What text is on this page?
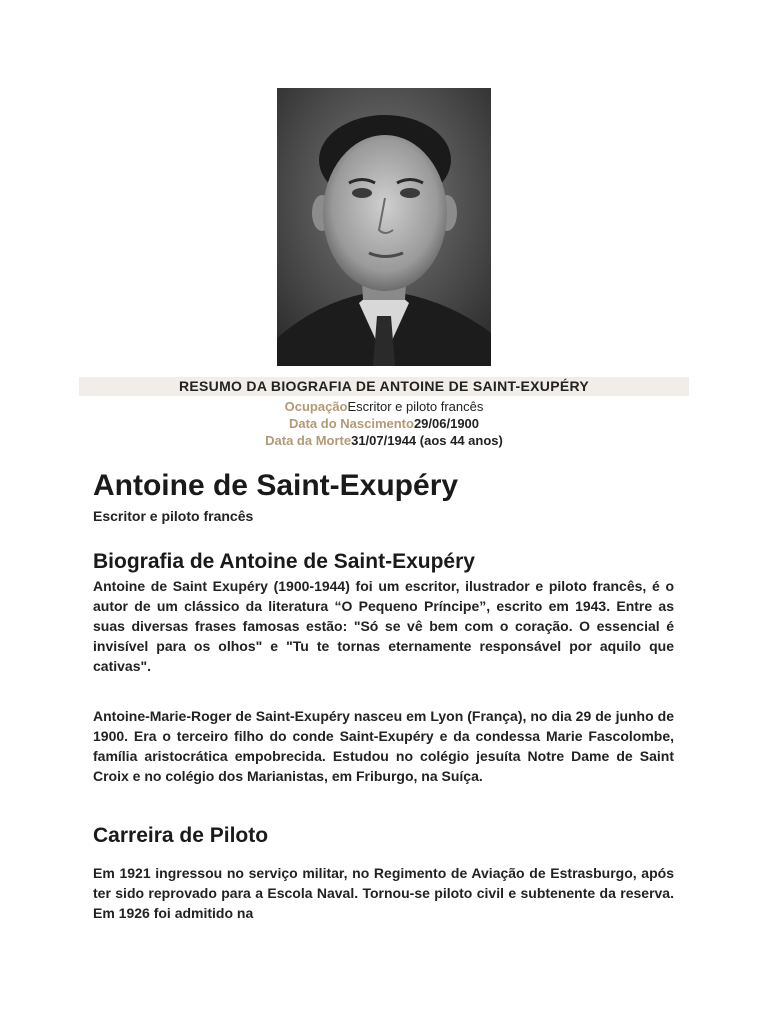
RESUMO DA BIOGRAFIA DE ANTOINE DE SAINT-EXUPÉRY
OcupaçãoEscritor e piloto francês
Data do Nascimento29/06/1900
Data da Morte31/07/1944 (aos 44 anos)
Antoine de Saint-Exupéry
Escritor e piloto francês
Biografia de Antoine de Saint-Exupéry

Antoine de Saint Exupéry (1900-1944) foi um escritor, ilustrador e piloto francês, é o autor de um clássico da literatura “O Pequeno Príncipe”, escrito em 1943. Entre as suas diversas frases famosas estão: "Só se vê bem com o coração. O essencial é invisível para os olhos" e "Tu te tornas eternamente responsável por aquilo que cativas".

Antoine-Marie-Roger de Saint-Exupéry nasceu em Lyon (França), no dia 29 de junho de 1900. Era o terceiro filho do conde Saint-Exupéry e da condessa Marie Fascolombe, família aristocrática empobrecida. Estudou no colégio jesuíta Notre Dame de Saint Croix e no colégio dos Marianistas, em Friburgo, na Suíça.

Carreira de Piloto

Em 1921 ingressou no serviço militar, no Regimento de Aviação de Estrasburgo, após ter sido reprovado para a Escola Naval. Tornou-se piloto civil e subtenente da reserva. Em 1926 foi admitido na
